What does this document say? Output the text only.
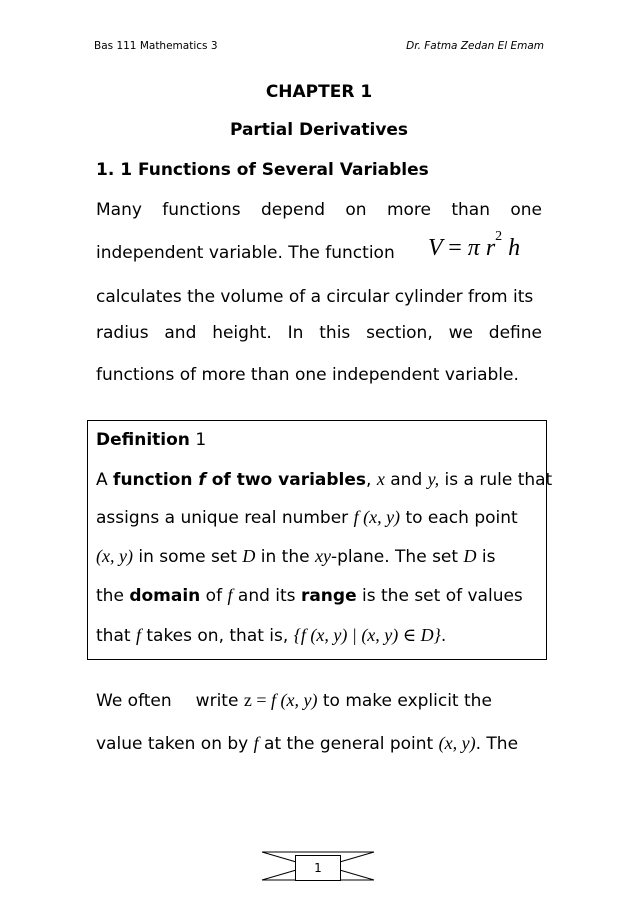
Bas 111 Mathematics 3	Dr. Fatma Zedan El Emam
CHAPTER 1
Partial Derivatives
1. 1 Functions of Several Variables
Many functions depend on more than one
independent variable. The function V = π $r^2$ h
calculates the volume of a circular cylinder from its
radius and height. In this section, we define
functions of more than one independent variable.
Definition 1
A function f of two variables, x and y, is a rule that
assigns a unique real number f (x, y) to each point
(x, y) in some set D in the xy-plane. The set D is
the domain of f and its range is the set of values
that f takes on, that is, {f (x, y) | (x, y) ∈ D}.
We often write z = f (x, y) to make explicit the
value taken on by f at the general point (x, y). The
1
